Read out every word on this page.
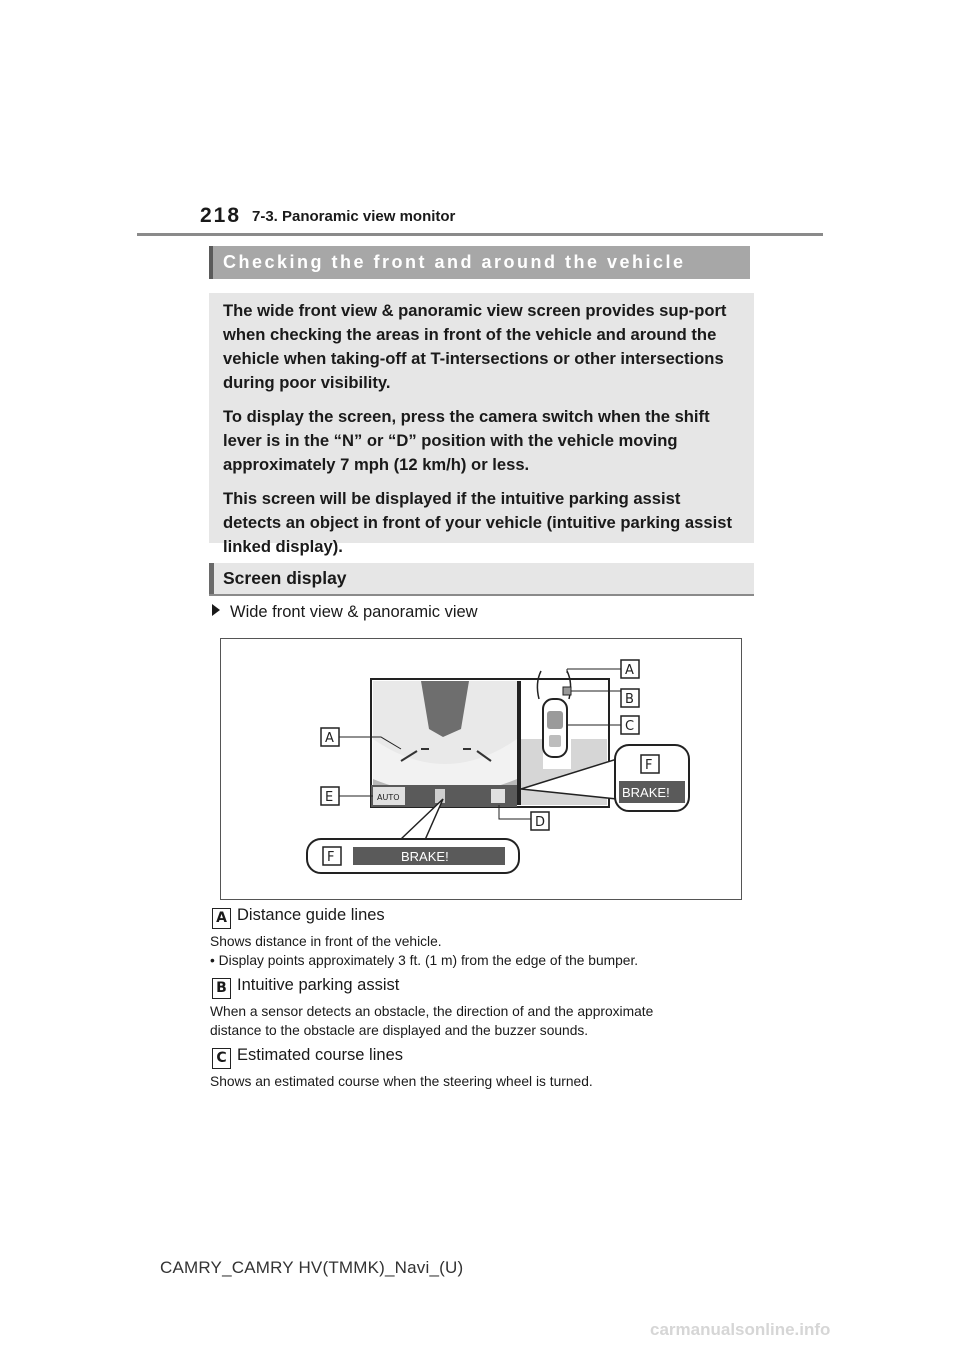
218 7-3. Panoramic view monitor
Checking the front and around the vehicle

The wide front view & panoramic view screen provides sup-port when checking the areas in front of the vehicle and around the vehicle when taking-off at T-intersections or other intersections during poor visibility.

To display the screen, press the camera switch when the shift lever is in the “N” or “D” position with the vehicle moving approximately 7 mph (12 km/h) or less.

This screen will be displayed if the intuitive parking assist detects an object in front of your vehicle (intuitive parking assist linked display).

Screen display
Wide front view & panoramic view
AUTO
A
B
C
A
E
D
F
BRAKE!
F	BRAKE!
A Distance guide lines
Shows distance in front of the vehicle.
• Display points approximately 3 ft. (1 m) from the edge of the bumper.
B Intuitive parking assist
When a sensor detects an obstacle, the direction of and the approximate
distance to the obstacle are displayed and the buzzer sounds.
C Estimated course lines
Shows an estimated course when the steering wheel is turned.
CAMRY_CAMRY HV(TMMK)_Navi_(U)
carmanualsonline.info
